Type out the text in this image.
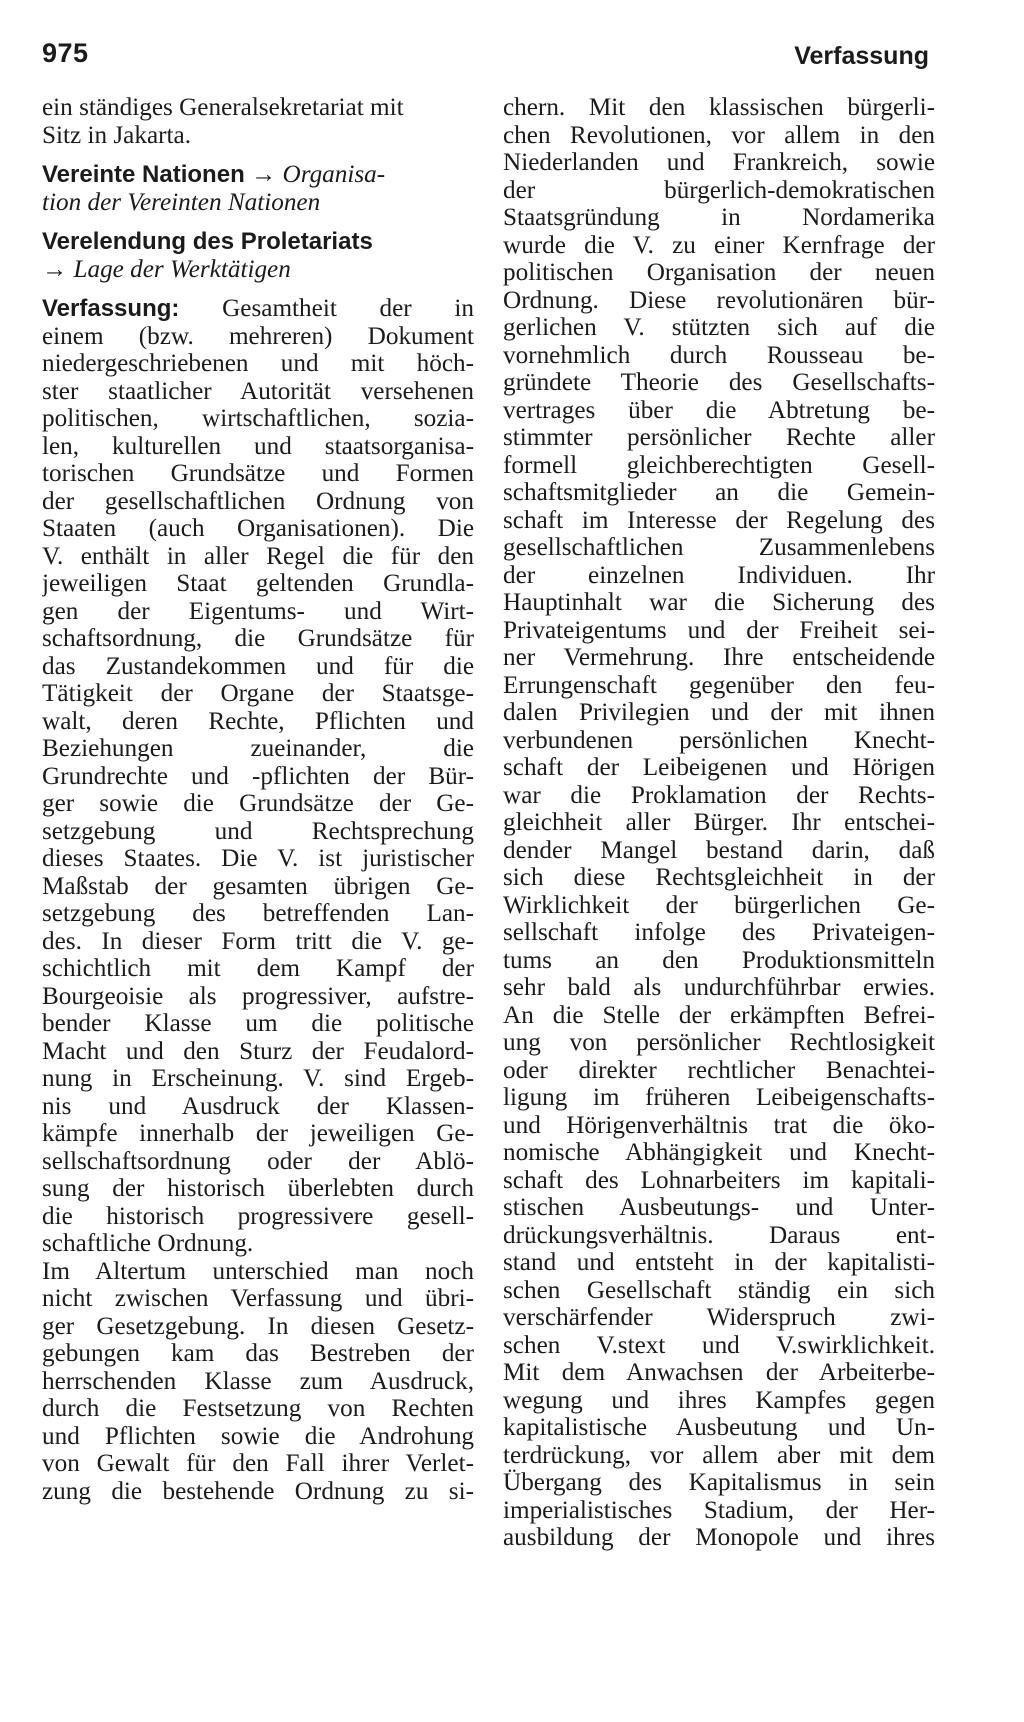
975	Verfassung
ein ständiges Generalsekretariat mit
Sitz in Jakarta.
Vereinte Nationen → Organisa-
tion der Vereinten Nationen
Verelendung des Proletariats
→ Lage der Werktätigen
Verfassung: Gesamtheit der in
einem (bzw. mehreren) Dokument
niedergeschriebenen und mit höch-
ster staatlicher Autorität versehenen
politischen, wirtschaftlichen, sozia-
len, kulturellen und staatsorganisa-
torischen Grundsätze und Formen
der gesellschaftlichen Ordnung von
Staaten (auch Organisationen). Die
V. enthält in aller Regel die für den
jeweiligen Staat geltenden Grundla-
gen der Eigentums- und Wirt-
schaftsordnung, die Grundsätze für
das Zustandekommen und für die
Tätigkeit der Organe der Staatsge-
walt, deren Rechte, Pflichten und
Beziehungen zueinander, die
Grundrechte und -pflichten der Bür-
ger sowie die Grundsätze der Ge-
setzgebung und Rechtsprechung
dieses Staates. Die V. ist juristischer
Maßstab der gesamten übrigen Ge-
setzgebung des betreffenden Lan-
des. In dieser Form tritt die V. ge-
schichtlich mit dem Kampf der
Bourgeoisie als progressiver, aufstre-
bender Klasse um die politische
Macht und den Sturz der Feudalord-
nung in Erscheinung. V. sind Ergeb-
nis und Ausdruck der Klassen-
kämpfe innerhalb der jeweiligen Ge-
sellschaftsordnung oder der Ablö-
sung der historisch überlebten durch
die historisch progressivere gesell-
schaftliche Ordnung.
Im Altertum unterschied man noch
nicht zwischen Verfassung und übri-
ger Gesetzgebung. In diesen Gesetz-
gebungen kam das Bestreben der
herrschenden Klasse zum Ausdruck,
durch die Festsetzung von Rechten
und Pflichten sowie die Androhung
von Gewalt für den Fall ihrer Verlet-
zung die bestehende Ordnung zu si-
chern. Mit den klassischen bürgerli-
chen Revolutionen, vor allem in den
Niederlanden und Frankreich, sowie
der bürgerlich-demokratischen
Staatsgründung in Nordamerika
wurde die V. zu einer Kernfrage der
politischen Organisation der neuen
Ordnung. Diese revolutionären bür-
gerlichen V. stützten sich auf die
vornehmlich durch Rousseau be-
gründete Theorie des Gesellschafts-
vertrages über die Abtretung be-
stimmter persönlicher Rechte aller
formell gleichberechtigten Gesell-
schaftsmitglieder an die Gemein-
schaft im Interesse der Regelung des
gesellschaftlichen Zusammenlebens
der einzelnen Individuen. Ihr
Hauptinhalt war die Sicherung des
Privateigentums und der Freiheit sei-
ner Vermehrung. Ihre entscheidende
Errungenschaft gegenüber den feu-
dalen Privilegien und der mit ihnen
verbundenen persönlichen Knecht-
schaft der Leibeigenen und Hörigen
war die Proklamation der Rechts-
gleichheit aller Bürger. Ihr entschei-
dender Mangel bestand darin, daß
sich diese Rechtsgleichheit in der
Wirklichkeit der bürgerlichen Ge-
sellschaft infolge des Privateigen-
tums an den Produktionsmitteln
sehr bald als undurchführbar erwies.
An die Stelle der erkämpften Befrei-
ung von persönlicher Rechtlosigkeit
oder direkter rechtlicher Benachtei-
ligung im früheren Leibeigenschafts-
und Hörigenverhältnis trat die öko-
nomische Abhängigkeit und Knecht-
schaft des Lohnarbeiters im kapitali-
stischen Ausbeutungs- und Unter-
drückungsverhältnis. Daraus ent-
stand und entsteht in der kapitalisti-
schen Gesellschaft ständig ein sich
verschärfender Widerspruch zwi-
schen V.stext und V.swirklichkeit.
Mit dem Anwachsen der Arbeiterbe-
wegung und ihres Kampfes gegen
kapitalistische Ausbeutung und Un-
terdrückung, vor allem aber mit dem
Übergang des Kapitalismus in sein
imperialistisches Stadium, der Her-
ausbildung der Monopole und ihres
